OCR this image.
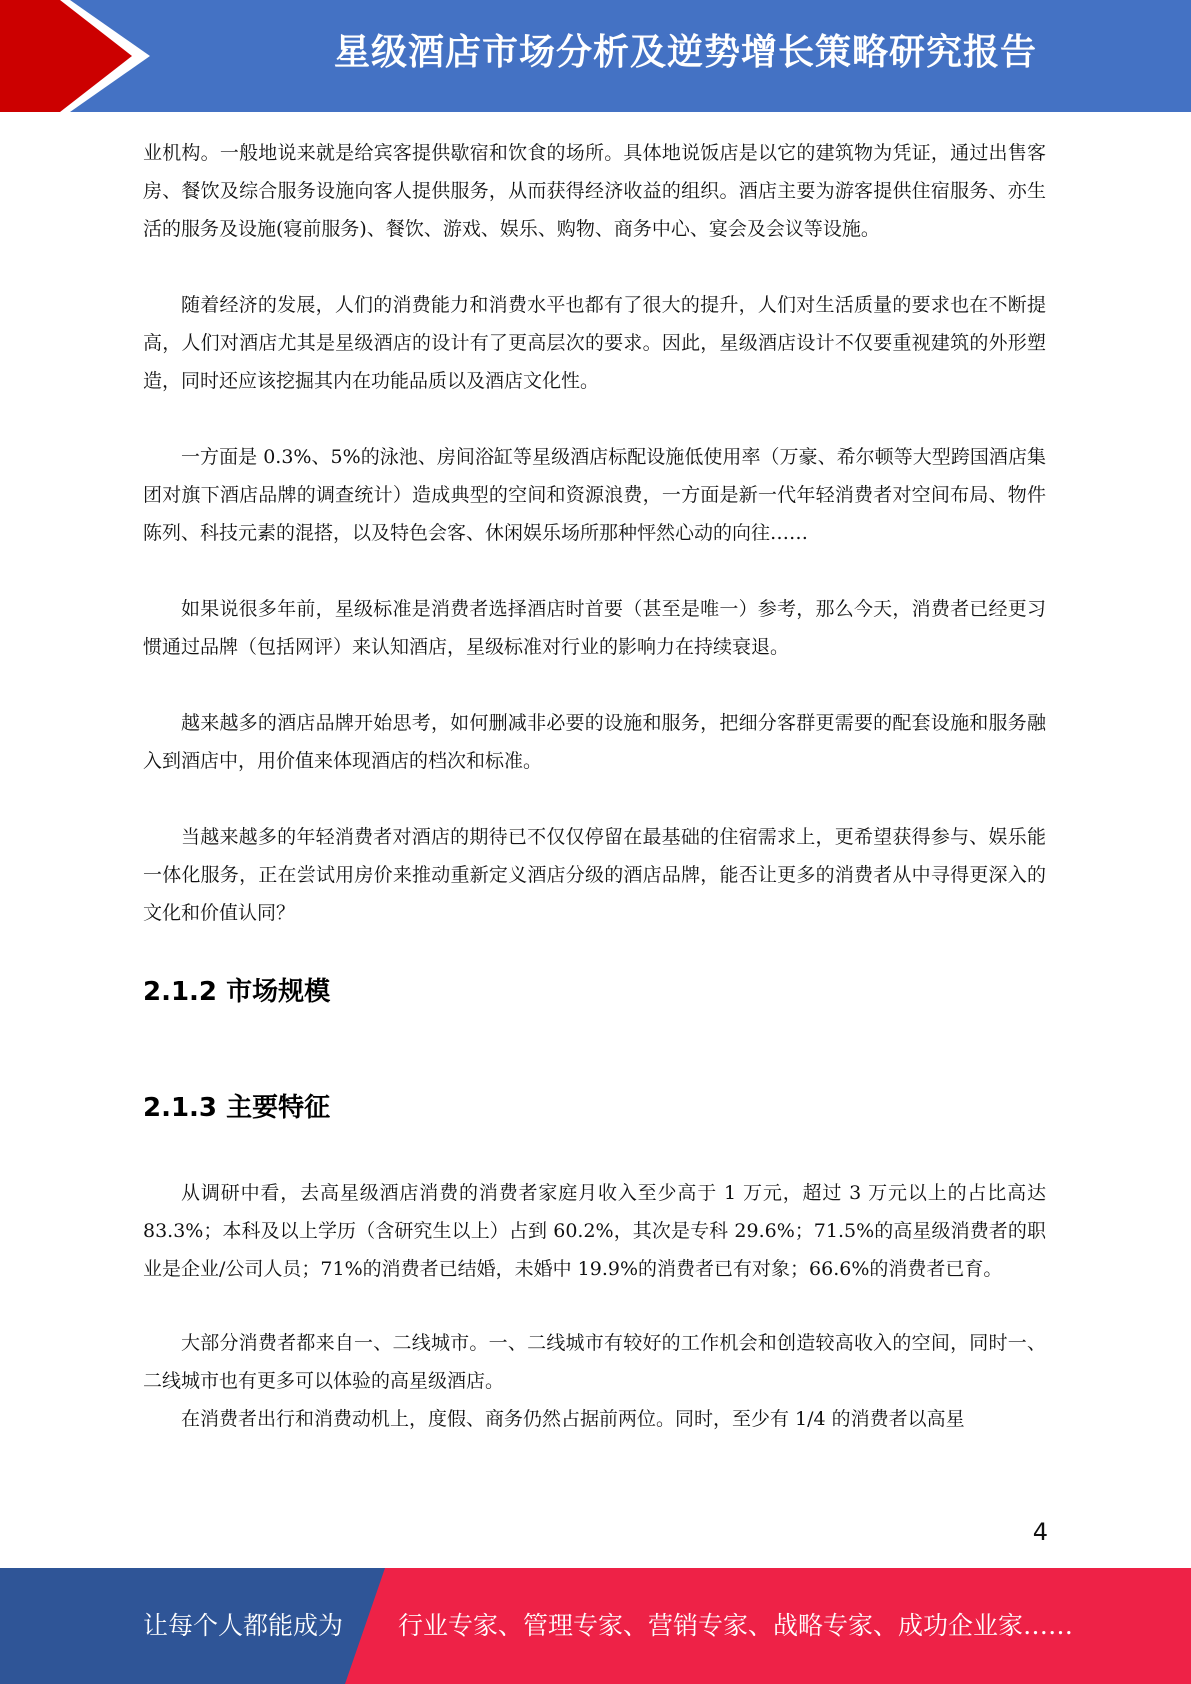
星级酒店市场分析及逆势增长策略研究报告

业机构。一般地说来就是给宾客提供歇宿和饮食的场所。具体地说饭店是以它的建筑物为凭证，通过出售客房、餐饮及综合服务设施向客人提供服务，从而获得经济收益的组织。酒店主要为游客提供住宿服务、亦生活的服务及设施(寝前服务)、餐饮、游戏、娱乐、购物、商务中心、宴会及会议等设施。

随着经济的发展，人们的消费能力和消费水平也都有了很大的提升，人们对生活质量的要求也在不断提高，人们对酒店尤其是星级酒店的设计有了更高层次的要求。因此，星级酒店设计不仅要重视建筑的外形塑造，同时还应该挖掘其内在功能品质以及酒店文化性。

一方面是 0.3%、5%的泳池、房间浴缸等星级酒店标配设施低使用率（万豪、希尔顿等大型跨国酒店集团对旗下酒店品牌的调查统计）造成典型的空间和资源浪费，一方面是新一代年轻消费者对空间布局、物件陈列、科技元素的混搭，以及特色会客、休闲娱乐场所那种怦然心动的向往……

如果说很多年前，星级标准是消费者选择酒店时首要（甚至是唯一）参考，那么今天，消费者已经更习惯通过品牌（包括网评）来认知酒店，星级标准对行业的影响力在持续衰退。

越来越多的酒店品牌开始思考，如何删减非必要的设施和服务，把细分客群更需要的配套设施和服务融入到酒店中，用价值来体现酒店的档次和标准。

当越来越多的年轻消费者对酒店的期待已不仅仅停留在最基础的住宿需求上，更希望获得参与、娱乐能一体化服务，正在尝试用房价来推动重新定义酒店分级的酒店品牌，能否让更多的消费者从中寻得更深入的文化和价值认同？

2.1.2 市场规模
2.1.3 主要特征

从调研中看，去高星级酒店消费的消费者家庭月收入至少高于 1 万元，超过 3 万元以上的占比高达 83.3%；本科及以上学历（含研究生以上）占到 60.2%，其次是专科 29.6%；71.5%的高星级消费者的职业是企业/公司人员；71%的消费者已结婚，未婚中 19.9%的消费者已有对象；66.6%的消费者已育。

大部分消费者都来自一、二线城市。一、二线城市有较好的工作机会和创造较高收入的空间，同时一、二线城市也有更多可以体验的高星级酒店。

在消费者出行和消费动机上，度假、商务仍然占据前两位。同时，至少有 1/4 的消费者以高星

4
让每个人都能成为 行业专家、管理专家、营销专家、战略专家、成功企业家……
